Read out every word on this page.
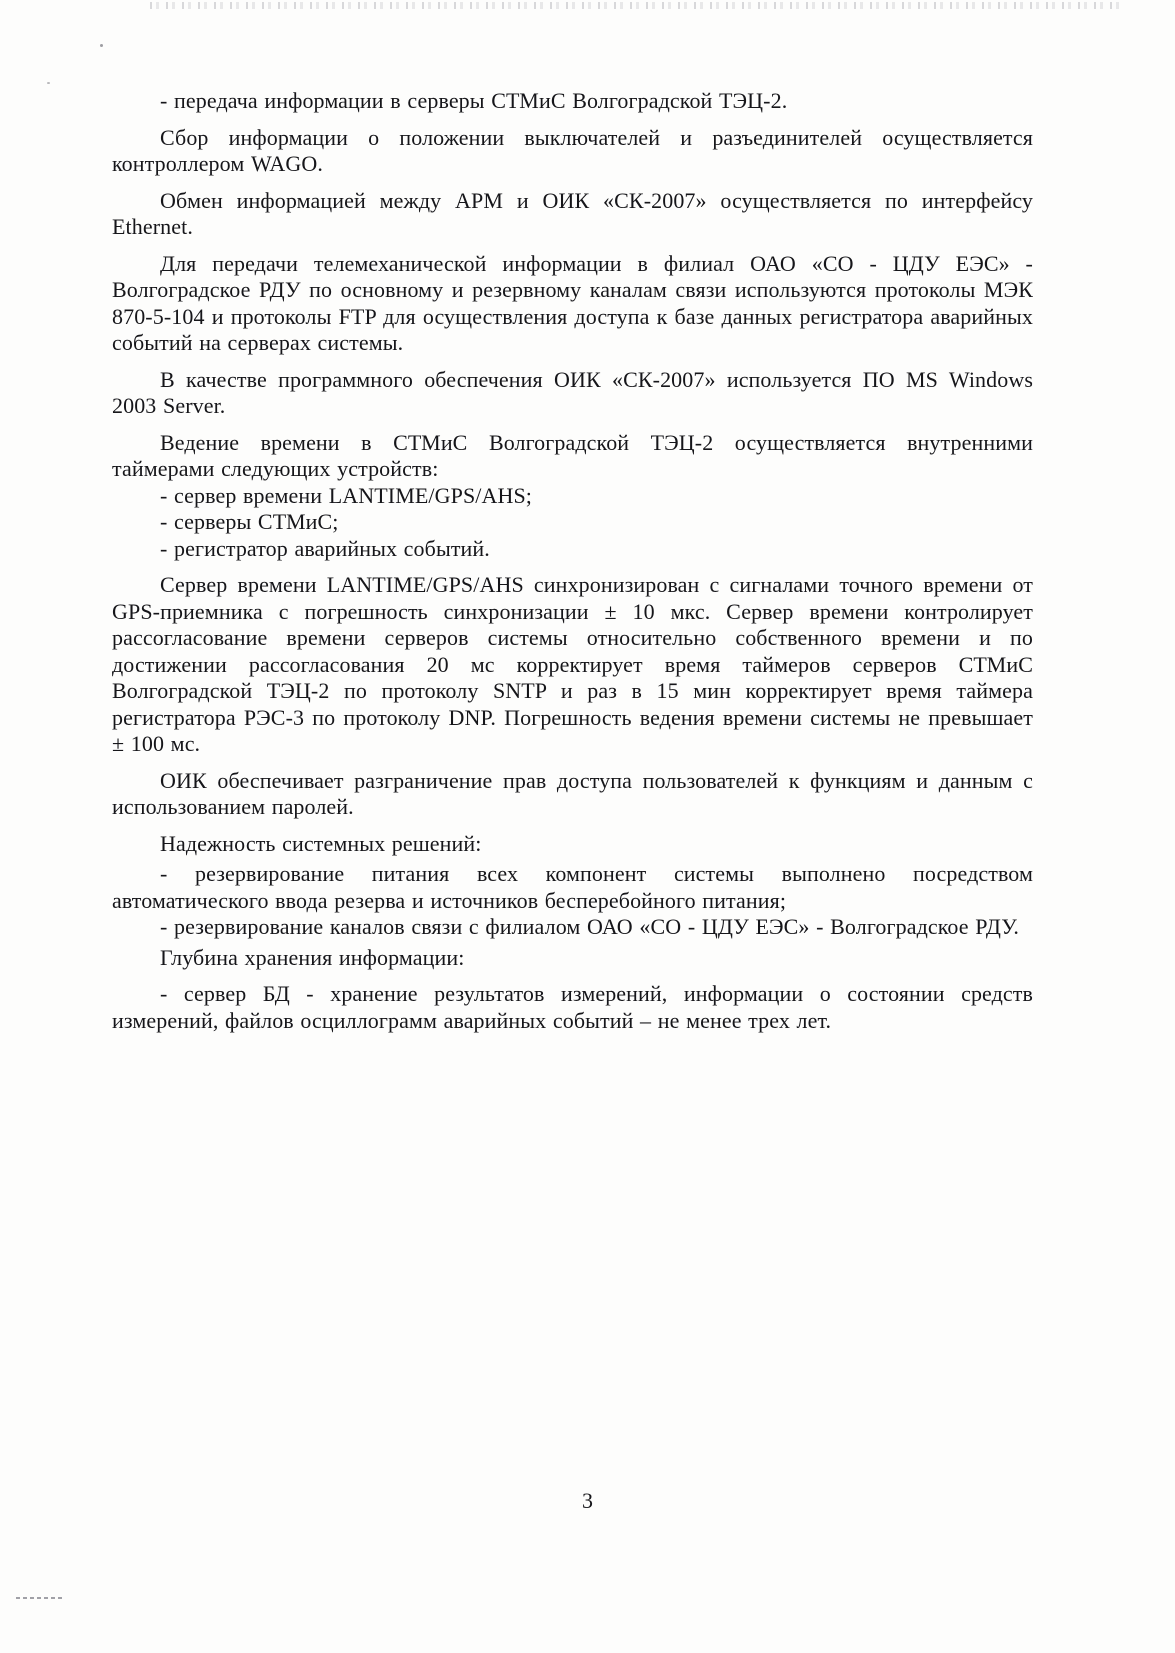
- передача информации в серверы СТМиС Волгоградской ТЭЦ-2.

Сбор информации о положении выключателей и разъединителей осуществляется контроллером WAGO.

Обмен информацией между АРМ и ОИК «СК-2007» осуществляется по интерфейсу Ethernet.

Для передачи телемеханической информации в филиал ОАО «СО - ЦДУ ЕЭС» - Волгоградское РДУ по основному и резервному каналам связи используются протоколы МЭК 870-5-104 и протоколы FTP для осуществления доступа к базе данных регистратора аварийных событий на серверах системы.

В качестве программного обеспечения ОИК «СК-2007» используется ПО MS Windows 2003 Server.

Ведение времени в СТМиС Волгоградской ТЭЦ-2 осуществляется внутренними таймерами следующих устройств:

- сервер времени LANTIME/GPS/AHS;

- серверы СТМиС;

- регистратор аварийных событий.

Сервер времени LANTIME/GPS/AHS синхронизирован с сигналами точного времени от GPS-приемника с погрешность синхронизации ± 10 мкс. Сервер времени контролирует рассогласование времени серверов системы относительно собственного времени и по достижении рассогласования 20 мс корректирует время таймеров серверов СТМиС Волгоградской ТЭЦ-2 по протоколу SNTP и раз в 15 мин корректирует время таймера регистратора РЭС-3 по протоколу DNP. Погрешность ведения времени системы не превышает ± 100 мс.

ОИК обеспечивает разграничение прав доступа пользователей к функциям и данным с использованием паролей.

Надежность системных решений:

- резервирование питания всех компонент системы выполнено посредством автоматического ввода резерва и источников бесперебойного питания;

- резервирование каналов связи с филиалом ОАО «СО - ЦДУ ЕЭС» - Волгоградское РДУ.

Глубина хранения информации:

- сервер БД - хранение результатов измерений, информации о состоянии средств измерений, файлов осциллограмм аварийных событий – не менее трех лет.

3
